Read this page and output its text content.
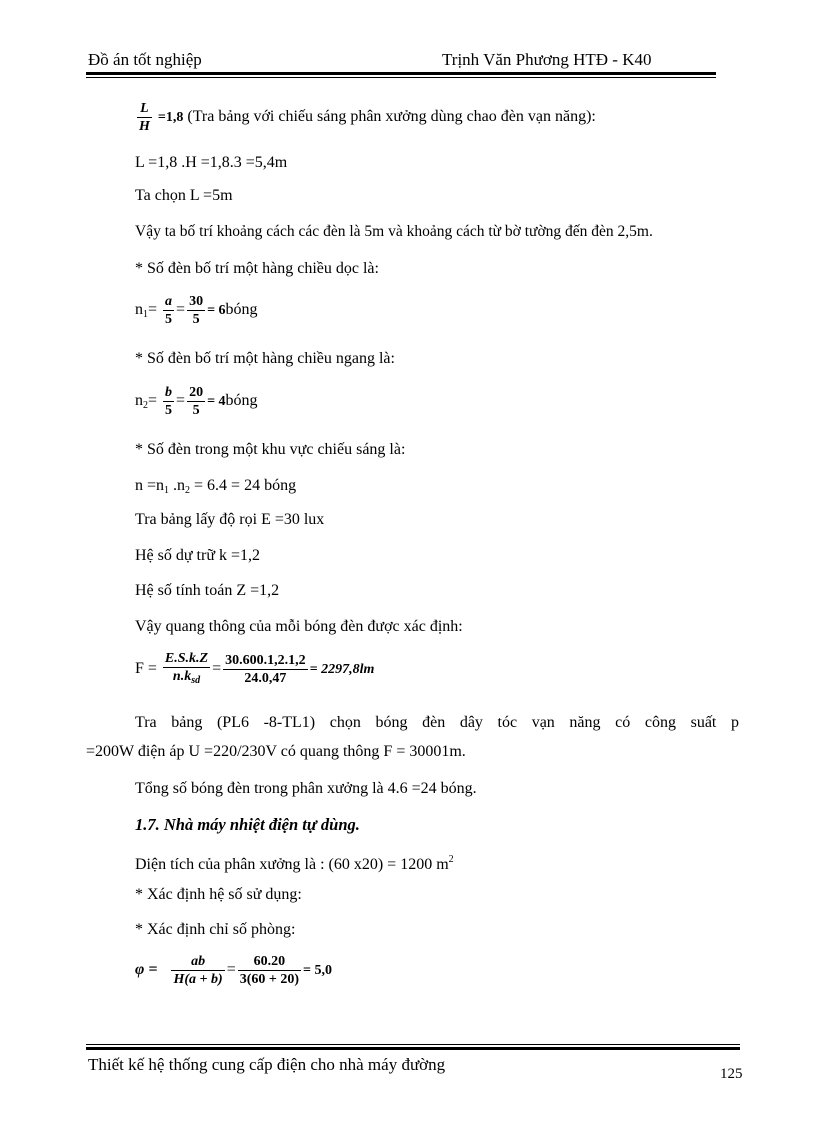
Đồ án tốt nghiệp	Trịnh Văn Phương HTĐ - K40
$\frac{L}{H} =1,8$ (Tra bảng với chiếu sáng phân xưởng dùng chao đèn vạn năng):
L =1,8 .H =1,8.3 =5,4m
Ta chọn L =5m
Vậy ta bố trí khoảng cách các đèn là 5m và khoảng cách từ bờ tường đến đèn 2,5m.
* Số đèn bố trí một hàng chiều dọc là:
$n_1= \frac{a}{5} = \frac{30}{5}$ = 6bóng
* Số đèn bố trí một hàng chiều ngang là:
$n_2= \frac{b}{5} = \frac{20}{5}$ = 4bóng
* Số đèn trong một khu vực chiếu sáng là:
$n =n_1$ $.n_2 = 6.4 = 24$ bóng
Tra bảng lấy độ rọi E =30 lux
Hệ số dự trữ k =1,2
Hệ số tính toán Z =1,2
Vậy quang thông của mỗi bóng đèn được xác định:
$F = \frac{E.S.k.Z}{n.k_{sd}} = \frac{30.600.1,2.1,2}{24.0,47} = 2297,8lm$
Tra bảng (PL6 -8-TL1) chọn bóng đèn dây tóc vạn năng có công suất p
=200W điện áp U =220/230V có quang thông F = 30001m.
Tổng số bóng đèn trong phân xưởng là 4.6 =24 bóng.
1.7. Nhà máy nhiệt điện tự dùng.
Diện tích của phân xưởng là : (60 x20) = 1200 $m^2$
* Xác định hệ số sử dụng:
* Xác định chỉ số phòng:
$\varphi = \frac{ab}{H(a + b)} = \frac{60.20}{3(60 + 20)} = 5,0$
Thiết kế hệ thống cung cấp điện cho nhà máy đường	125
